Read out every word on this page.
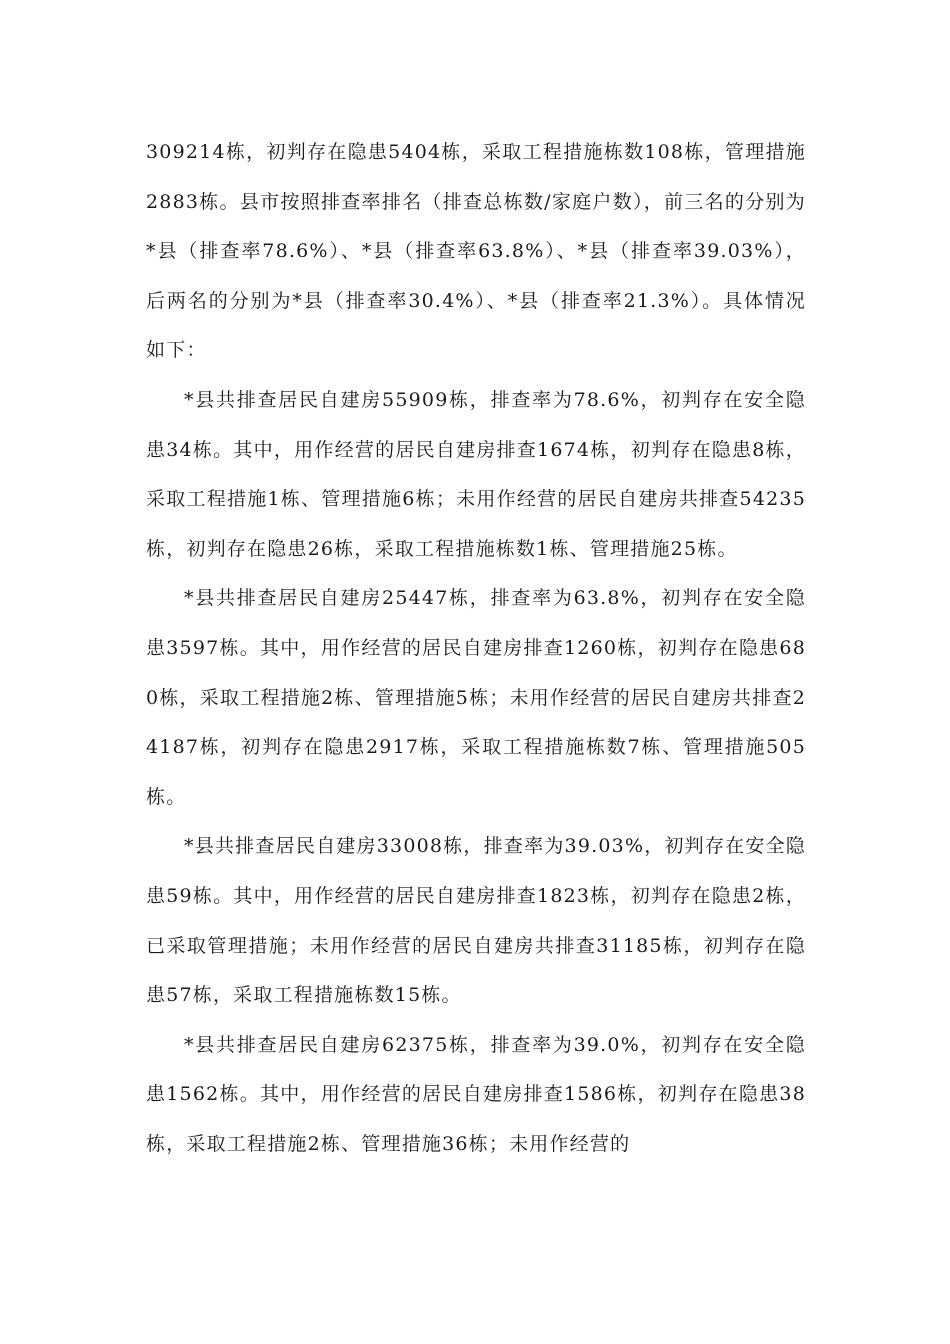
309214栋，初判存在隐患5404栋，采取工程措施栋数108栋，管理措施2883栋。县市按照排查率排名（排查总栋数/家庭户数），前三名的分别为*县（排查率78.6%）、*县（排查率63.8%）、*县（排查率39.03%），后两名的分别为*县（排查率30.4%）、*县（排查率21.3%）。具体情况如下：

*县共排查居民自建房55909栋，排查率为78.6%，初判存在安全隐患34栋。其中，用作经营的居民自建房排查1674栋，初判存在隐患8栋，采取工程措施1栋、管理措施6栋；未用作经营的居民自建房共排查54235栋，初判存在隐患26栋，采取工程措施栋数1栋、管理措施25栋。

*县共排查居民自建房25447栋，排查率为63.8%，初判存在安全隐患3597栋。其中，用作经营的居民自建房排查1260栋，初判存在隐患680栋，采取工程措施2栋、管理措施5栋；未用作经营的居民自建房共排查24187栋，初判存在隐患2917栋，采取工程措施栋数7栋、管理措施505栋。

*县共排查居民自建房33008栋，排查率为39.03%，初判存在安全隐患59栋。其中，用作经营的居民自建房排查1823栋，初判存在隐患2栋，已采取管理措施；未用作经营的居民自建房共排查31185栋，初判存在隐患57栋，采取工程措施栋数15栋。

*县共排查居民自建房62375栋，排查率为39.0%，初判存在安全隐患1562栋。其中，用作经营的居民自建房排查1586栋，初判存在隐患38栋，采取工程措施2栋、管理措施36栋；未用作经营的
